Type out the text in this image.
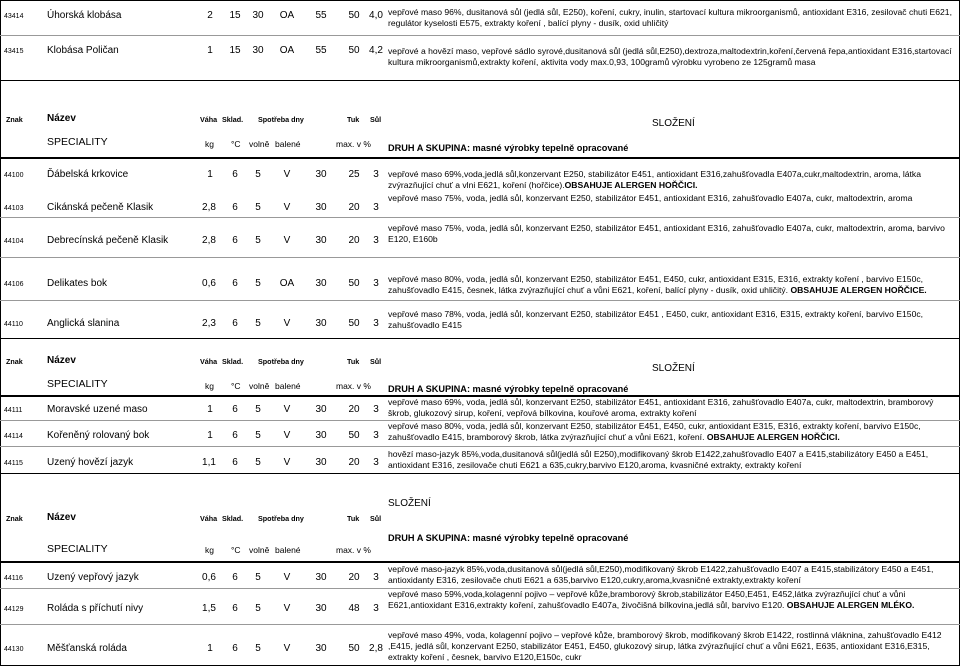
43414 Úhorská klobása	2	15 30 OA 55 50 4,0 vepřové maso 96%, dusitanová sůl (jedlá sůl, E250), koření, cukry, inulin, startovací kultura mikroorganismů, antioxidant E316, zesilovač chuti E621, regulátor kyselosti E575, extrakty koření , balící plyny - dusík, oxid uhličitý
43415 Klobása Poličan	1	15 30 OA 55 50 4,2 vepřové a hovězí maso, vepřové sádlo syrové,dusitanová sůl (jedlá sůl,E250),dextroza,maltodextrin,koření,červená řepa,antioxidant E316,startovací kultura mikroorganismů,extrakty koření, aktivita vody max.0,93, 100gramů výrobku vyrobeno ze 125gramů masa
Znak Název	Váha Sklad. Spotřeba dny	Tuk Sůl	SLOŽENÍ
SPECIALITY	kg °C volně balené	max. v % DRUH A SKUPINA: masné výrobky tepelně opracované
44100 Ďábelská krkovice	1	6	5	V	30 25	3	vepřové maso 69%,voda,jedlá sůl,konzervant E250, stabilizátor E451, antioxidant E316,zahušťovadla E407a,cukr,maltodextrin, aroma, látka zvýrazňující chuť a vlni E621, koření (hořčice).OBSAHUJE ALERGEN HOŘČICI.
44103 Cikánská pečeně Klasik	2,8	6	5	V	30 20	3
vepřové maso 75%, voda, jedlá sůl, konzervant E250, stabilizátor E451, antioxidant E316, zahušťovadlo E407a, cukr, maltodextrin, aroma
44104 Debrecínská pečeně Klasik	2,8	6	5	V	30 20	3
vepřové maso 75%, voda, jedlá sůl, konzervant E250, stabilizátor E451, antioxidant E316, zahušťovadlo E407a, cukr, maltodextrin, aroma, barvivo E120, E160b
44106 Delikates bok	0,6	6	5	OA 30 50	3	vepřové maso 80%, voda, jedlá sůl, konzervant E250, stabilizátor E451, E450, cukr, antioxidant E315, E316, extrakty koření , barvivo E150c, zahušťovadlo E415, česnek, látka zvýrazňující chuť a vůni E621, koření, balící plyny - dusík, oxid uhličitý. OBSAHUJE ALERGEN HOŘČICE.
44110 Anglická slanina	2,3	6	5	V	30 50	3
vepřové maso 78%, voda, jedlá sůl, konzervant E250, stabilizátor E451 , E450, cukr, antioxidant E316, E315, extrakty koření, barvivo E150c, zahušťovadlo E415
Znak Název	Váha Sklad. Spotřeba dny	Tuk Sůl
SLOŽENÍ
SPECIALITY	kg °C volně balené	max. v % DRUH A SKUPINA: masné výrobky tepelně opracované
44111 Moravské uzené maso	1	6	5	V	30 20	3
vepřové maso 69%, voda, jedlá sůl, konzervant E250, stabilizátor E451, antioxidant E316, zahušťovadlo E407a, cukr, maltodextrin, bramborový škrob, glukozový sirup, koření, vepřová bílkovina, kouřové aroma, extrakty koření
44114 Kořeněný rolovaný bok	1	6	5	V	30 50	3
vepřové maso 80%, voda, jedlá sůl, konzervant E250, stabilizátor E451, E450, cukr, antioxidant E315, E316, extrakty koření, barvivo E150c, zahušťovadlo E415, bramborový škrob, látka zvýrazňující chuť a vůni E621, koření. OBSAHUJE ALERGEN HOŘČICI.
44115 Uzený hovězí jazyk	1,1	6	5	V	30 20	3
hovězí maso-jazyk 85%,voda,dusitanová sůl(jedlá sůl E250),modifikovaný škrob E1422,zahušťovadlo E407 a E415,stabilizátory E450 a E451, antioxidant E316, zesilovače chuti E621 a 635,cukry,barvivo E120,aroma, kvasničné extrakty, extrakty koření
SLOŽENÍ
Znak Název	Váha Sklad. Spotřeba dny	Tuk Sůl
DRUH A SKUPINA: masné výrobky tepelně opracované
SPECIALITY	kg °C volně balené	max. v %
44116 Uzený vepřový jazyk	0,6	6	5	V	30 20	3
vepřové maso-jazyk 85%,voda,dusitanová sůl(jedlá sůl,E250),modifikovaný škrob E1422,zahušťovadlo E407 a E415,stabilizátory E450 a E451, antioxidanty E316, zesilovače chuti E621 a 635,barvivo E120,cukry,aroma,kvasničné extrakty,extrakty koření
44129 Roláda s příchutí nivy	1,5	6	5	V	30 48	3
vepřové maso 59%,voda,kolagenní pojivo – vepřové kůže,bramborový škrob,stabilizátor E450,E451, E452,látka zvýrazňující chuť a vůni E621,antioxidant E316,extrakty koření, zahušťovadlo E407a, živočišná bílkovina,jedlá sůl, barvivo E120. OBSAHUJE ALERGEN MLÉKO.
44130 Měšťanská roláda	1	6	5	V	30 50 2,8
vepřové maso 49%, voda, kolagenní pojivo – vepřové kůže, bramborový škrob, modifikovaný škrob E1422, rostlinná vláknina, zahušťovadlo E412 ,E415, jedlá sůl, konzervant E250, stabilizátor E451, E450, glukozový sirup, látka zvýrazňující chuť a vůni E621, E635, antioxidant E316,E315, extrakty koření , česnek, barvivo E120,E150c, cukr
